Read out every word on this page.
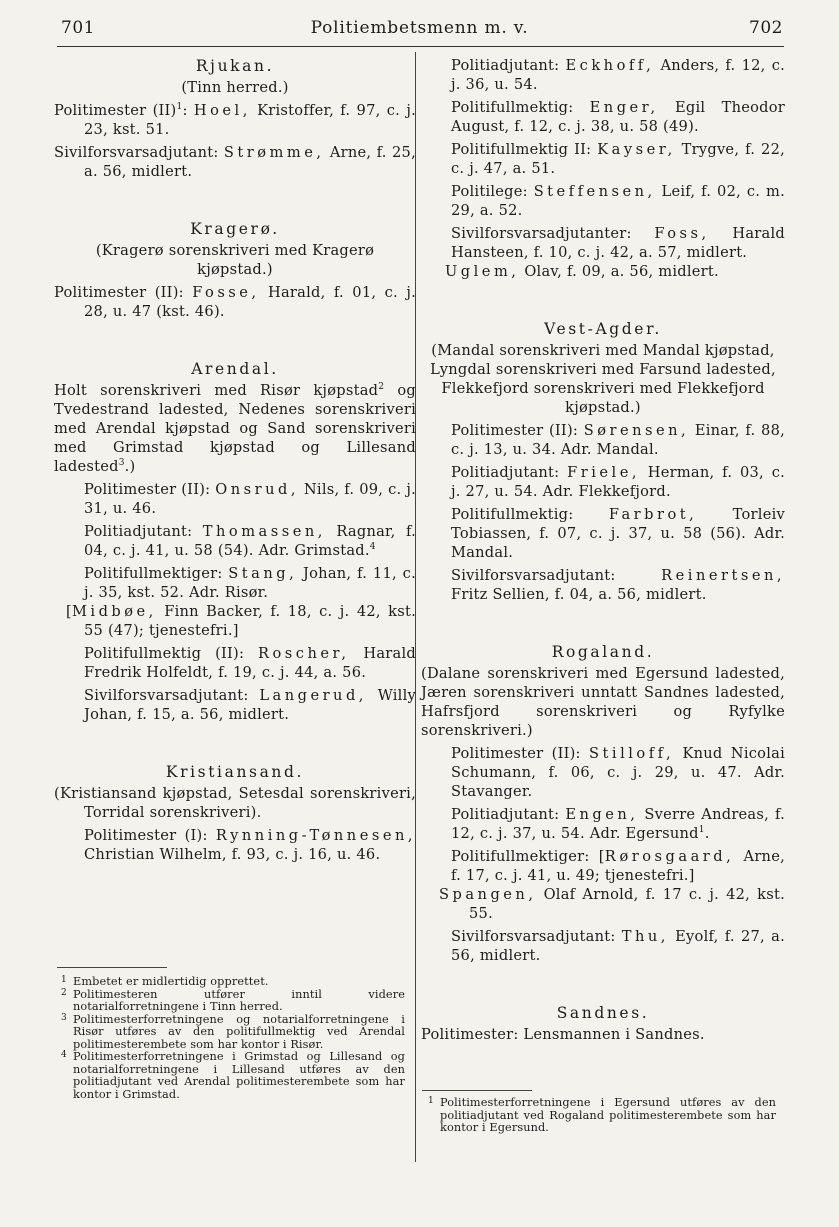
701	Politiembetsmenn m. v.	702
Rjukan.
(Tinn herred.)

Politimester (II)$^1$: Hoel, Kristoffer, f. 97, c. j. 23, kst. 51.

Sivilforsvarsadjutant: Strømme, Arne, f. 25, a. 56, midlert.

Kragerø.
(Kragerø sorenskriveri med Kragerø kjøpstad.)

Politimester (II): Fosse, Harald, f. 01, c. j. 28, u. 47 (kst. 46).

Arendal.

Holt sorenskriveri med Risør kjøpstad$^2$ og Tvedestrand ladested, Nedenes sorenskriveri med Arendal kjøpstad og Sand sorenskriveri med Grimstad kjøpstad og Lillesand ladested$^3$.)

Politimester (II): Onsrud, Nils, f. 09, c. j. 31, u. 46.

Politiadjutant: Thomassen, Ragnar, f. 04, c. j. 41, u. 58 (54). Adr. Grimstad.$^4$

Politifullmektiger: Stang, Johan, f. 11, c. j. 35, kst. 52. Adr. Risør.

[Midbøe, Finn Backer, f. 18, c. j. 42, kst. 55 (47); tjenestefri.]

Politifullmektig (II): Roscher, Harald Fredrik Holfeldt, f. 19, c. j. 44, a. 56.

Sivilforsvarsadjutant: Langerud, Willy Johan, f. 15, a. 56, midlert.

Kristiansand.

(Kristiansand kjøpstad, Setesdal sorenskriveri, Torridal sorenskriveri).

Politimester (I): Rynning-Tønnesen, Christian Wilhelm, f. 93, c. j. 16, u. 46.

1 Embetet er midlertidig opprettet.

2 Politimesteren utfører inntil videre notarialforretningene i Tinn herred.

3 Politimesterforretningene og notarialforretningene i Risør utføres av den politifullmektig ved Arendal politimesterembete som har kontor i Risør.

4 Politimesterforretningene i Grimstad og Lillesand og notarialforretningene i Lillesand utføres av den politiadjutant ved Arendal politimesterembete som har kontor i Grimstad.

Politiadjutant: Eckhoff, Anders, f. 12, c. j. 36, u. 54.

Politifullmektig: Enger, Egil Theodor August, f. 12, c. j. 38, u. 58 (49).

Politifullmektig II: Kayser, Trygve, f. 22, c. j. 47, a. 51.

Politilege: Steffensen, Leif, f. 02, c. m. 29, a. 52.

Sivilforsvarsadjutanter: Foss, Harald Hansteen, f. 10, c. j. 42, a. 57, midlert.

Uglem, Olav, f. 09, a. 56, midlert.

Vest-Agder.

(Mandal sorenskriveri med Mandal kjøpstad, Lyngdal sorenskriveri med Farsund ladested, Flekkefjord sorenskriveri med Flekkefjord kjøpstad.)

Politimester (II): Sørensen, Einar, f. 88, c. j. 13, u. 34. Adr. Mandal.

Politiadjutant: Friele, Herman, f. 03, c. j. 27, u. 54. Adr. Flekkefjord.

Politifullmektig: Farbrot, Torleiv Tobiassen, f. 07, c. j. 37, u. 58 (56). Adr. Mandal.

Sivilforsvarsadjutant: Reinertsen, Fritz Sellien, f. 04, a. 56, midlert.

Rogaland.

(Dalane sorenskriveri med Egersund ladested, Jæren sorenskriveri unntatt Sandnes ladested, Hafrsfjord sorenskriveri og Ryfylke sorenskriveri.)

Politimester (II): Stilloff, Knud Nicolai Schumann, f. 06, c. j. 29, u. 47. Adr. Stavanger.

Politiadjutant: Engen, Sverre Andreas, f. 12, c. j. 37, u. 54. Adr. Egersund$^1$.

Politifullmektiger: [Rørosgaard, Arne, f. 17, c. j. 41, u. 49; tjenestefri.]

Spangen, Olaf Arnold, f. 17 c. j. 42, kst. 55.

Sivilforsvarsadjutant: Thu, Eyolf, f. 27, a. 56, midlert.

Sandnes.

Politimester: Lensmannen i Sandnes.

1 Politimesterforretningene i Egersund utføres av den politiadjutant ved Rogaland politimesterembete som har kontor i Egersund.
